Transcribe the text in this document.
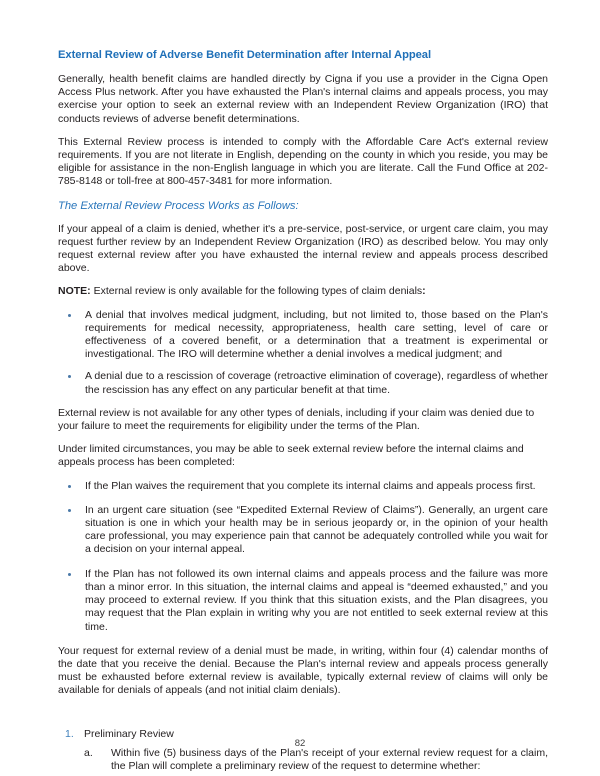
External Review of Adverse Benefit Determination after Internal Appeal

Generally, health benefit claims are handled directly by Cigna if you use a provider in the Cigna Open Access Plus network. After you have exhausted the Plan's internal claims and appeals process, you may exercise your option to seek an external review with an Independent Review Organization (IRO) that conducts reviews of adverse benefit determinations.

This External Review process is intended to comply with the Affordable Care Act's external review requirements. If you are not literate in English, depending on the county in which you reside, you may be eligible for assistance in the non-English language in which you are literate. Call the Fund Office at 202-785-8148 or toll-free at 800-457-3481 for more information.

The External Review Process Works as Follows:

If your appeal of a claim is denied, whether it's a pre-service, post-service, or urgent care claim, you may request further review by an Independent Review Organization (IRO) as described below. You may only request external review after you have exhausted the internal review and appeals process described above.

NOTE: External review is only available for the following types of claim denials:

A denial that involves medical judgment, including, but not limited to, those based on the Plan's requirements for medical necessity, appropriateness, health care setting, level of care or effectiveness of a covered benefit, or a determination that a treatment is experimental or investigational. The IRO will determine whether a denial involves a medical judgment; and
A denial due to a rescission of coverage (retroactive elimination of coverage), regardless of whether the rescission has any effect on any particular benefit at that time.

External review is not available for any other types of denials, including if your claim was denied due to your failure to meet the requirements for eligibility under the terms of the Plan.

Under limited circumstances, you may be able to seek external review before the internal claims and appeals process has been completed:

If the Plan waives the requirement that you complete its internal claims and appeals process first.
In an urgent care situation (see “Expedited External Review of Claims”). Generally, an urgent care situation is one in which your health may be in serious jeopardy or, in the opinion of your health care professional, you may experience pain that cannot be adequately controlled while you wait for a decision on your internal appeal.
If the Plan has not followed its own internal claims and appeals process and the failure was more than a minor error. In this situation, the internal claims and appeal is “deemed exhausted,” and you may proceed to external review. If you think that this situation exists, and the Plan disagrees, you may request that the Plan explain in writing why you are not entitled to seek external review at this time.

Your request for external review of a denial must be made, in writing, within four (4) calendar months of the date that you receive the denial. Because the Plan's internal review and appeals process generally must be exhausted before external review is available, typically external review of claims will only be available for denials of appeals (and not initial claim denials).

1. Preliminary Review
a. Within five (5) business days of the Plan's receipt of your external review request for a claim, the Plan will complete a preliminary review of the request to determine whether:
82
